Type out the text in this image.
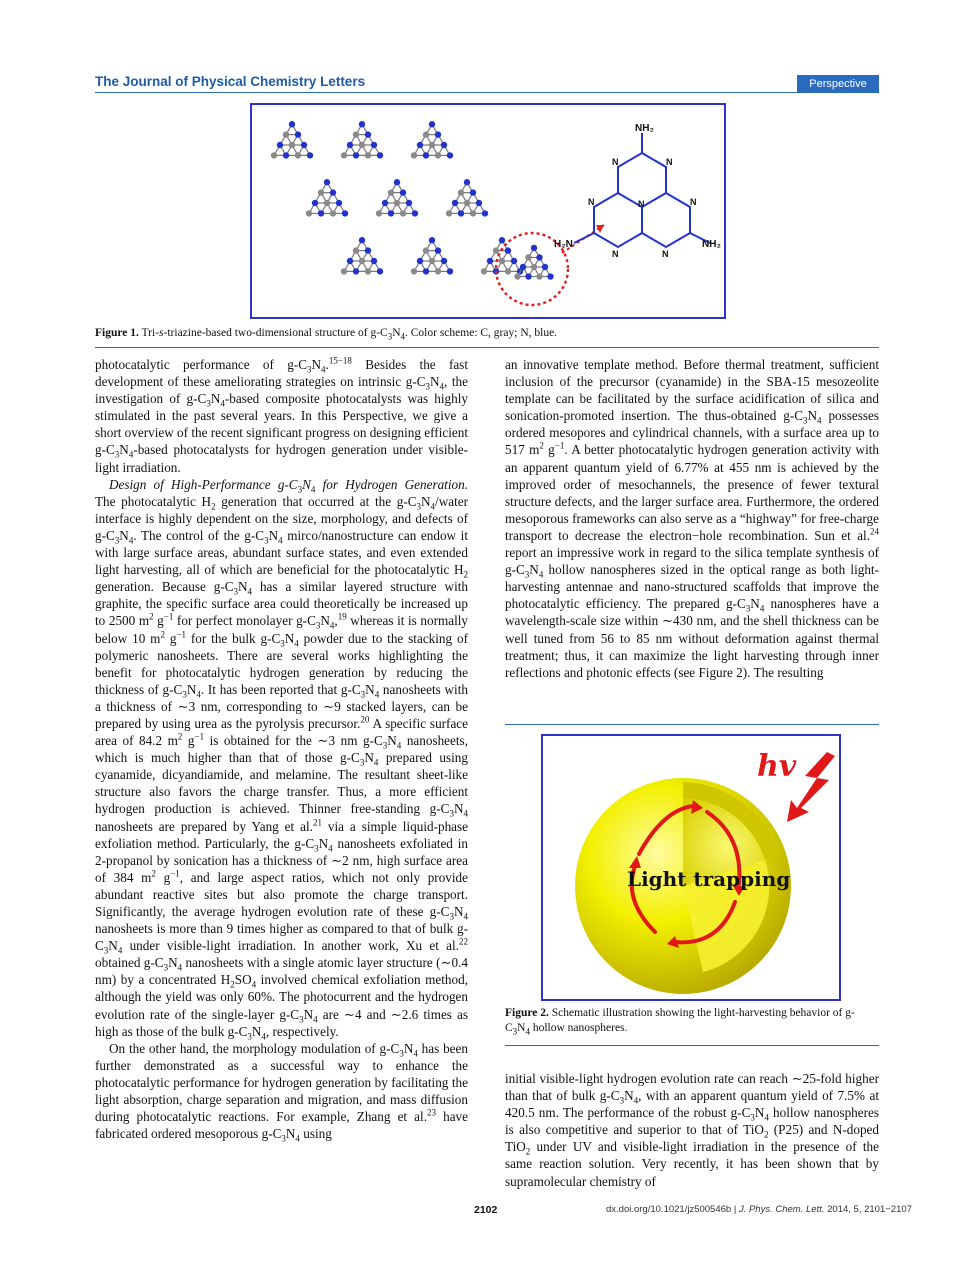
The Journal of Physical Chemistry Letters	Perspective
NH₂
H₂N	NH₂
N	N
N
N	N
N	N
Figure 1. Tri-s-triazine-based two-dimensional structure of $g-C_3N_4$. Color scheme: C, gray; N, blue.

photocatalytic performance of $g-C_3N_4.^{15-18}$ Besides the fast development of these ameliorating strategies on intrinsic $g-C_3N_4$, the investigation of $g-C_3N_4$-based composite photocatalysts was highly stimulated in the past several years. In this Perspective, we give a short overview of the recent significant progress on designing efficient $g-C_3N_4$-based photocatalysts for hydrogen generation under visible-light irradiation.

Design of High-Performance $g-C_3N_4$ for Hydrogen Generation. The photocatalytic $H_2$ generation that occurred at the $g-C_3N_4$/water interface is highly dependent on the size, morphology, and defects of $g-C_3N_4$. The control of the $g-C_3N_4$ mirco/nanostructure can endow it with large surface areas, abundant surface states, and even extended light harvesting, all of which are beneficial for the photocatalytic $H_2$ generation. Because $g-C_3N_4$ has a similar layered structure with graphite, the specific surface area could theoretically be increased up to 2500 $m^2$ $g^{-1}$ for perfect monolayer $g-C_3N_4,^{19}$ whereas it is normally below 10 $m^2$ $g^{-1}$ for the bulk $g-C_3N_4$ powder due to the stacking of polymeric nanosheets. There are several works highlighting the benefit for photocatalytic hydrogen generation by reducing the thickness of $g-C_3N_4$. It has been reported that $g-C_3N_4$ nanosheets with a thickness of ∼3 nm, corresponding to ∼9 stacked layers, can be prepared by using urea as the pyrolysis precursor.$^{20}$ A specific surface area of 84.2 $m^2$ $g^{-1}$ is obtained for the ∼3 nm $g-C_3N_4$ nanosheets, which is much higher than that of those $g-C_3N_4$ prepared using cyanamide, dicyandiamide, and melamine. The resultant sheet-like structure also favors the charge transfer. Thus, a more efficient hydrogen production is achieved. Thinner free-standing $g-C_3N_4$ nanosheets are prepared by Yang et al.$^{21}$ via a simple liquid-phase exfoliation method. Particularly, the $g-C_3N_4$ nanosheets exfoliated in 2-propanol by sonication has a thickness of ∼2 nm, high surface area of 384 $m^2$ $g^{-1}$, and large aspect ratios, which not only provide abundant reactive sites but also promote the charge transport. Significantly, the average hydrogen evolution rate of these $g-C_3N_4$ nanosheets is more than 9 times higher as compared to that of bulk $g-C_3N_4$ under visible-light irradiation. In another work, Xu et al.$^{22}$ obtained $g-C_3N_4$ nanosheets with a single atomic layer structure (∼0.4 nm) by a concentrated $H_2SO_4$ involved chemical exfoliation method, although the yield was only 60%. The photocurrent and the hydrogen evolution rate of the single-layer $g-C_3N_4$ are ∼4 and ∼2.6 times as high as those of the bulk $g-C_3N_4$, respectively.

On the other hand, the morphology modulation of $g-C_3N_4$ has been further demonstrated as a successful way to enhance the photocatalytic performance for hydrogen generation by facilitating the light absorption, charge separation and migration, and mass diffusion during photocatalytic reactions. For example, Zhang et al.$^{23}$ have fabricated ordered mesoporous $g-C_3N_4$ using

an innovative template method. Before thermal treatment, sufficient inclusion of the precursor (cyanamide) in the SBA-15 mesozeolite template can be facilitated by the surface acidification of silica and sonication-promoted insertion. The thus-obtained $g-C_3N_4$ possesses ordered mesopores and cylindrical channels, with a surface area up to 517 $m^2$ $g^{-1}$. A better photocatalytic hydrogen generation activity with an apparent quantum yield of 6.77% at 455 nm is achieved by the improved order of mesochannels, the presence of fewer textural structure defects, and the larger surface area. Furthermore, the ordered mesoporous frameworks can also serve as a “highway” for free-charge transport to decrease the electron−hole recombination. Sun et al.$^{24}$ report an impressive work in regard to the silica template synthesis of $g-C_3N_4$ hollow nanospheres sized in the optical range as both light-harvesting antennae and nano-structured scaffolds that improve the photocatalytic efficiency. The prepared $g-C_3N_4$ nanospheres have a wavelength-scale size within ∼430 nm, and the shell thickness can be well tuned from 56 to 85 nm without deformation against thermal treatment; thus, it can maximize the light harvesting through inner reflections and photonic effects (see Figure 2). The resulting

Light trapping
hv
Figure 2. Schematic illustration showing the light-harvesting behavior of $g-C_3N_4$ hollow nanospheres.

initial visible-light hydrogen evolution rate can reach ∼25-fold higher than that of bulk $g-C_3N_4$, with an apparent quantum yield of 7.5% at 420.5 nm. The performance of the robust $g-C_3N_4$ hollow nanospheres is also competitive and superior to that of TiO$_2$ (P25) and N-doped TiO$_2$ under UV and visible-light irradiation in the presence of the same reaction solution. Very recently, it has been shown that by supramolecular chemistry of

2102	dx.doi.org/10.1021/jz500546b | J. Phys. Chem. Lett. 2014, 5, 2101−2107
